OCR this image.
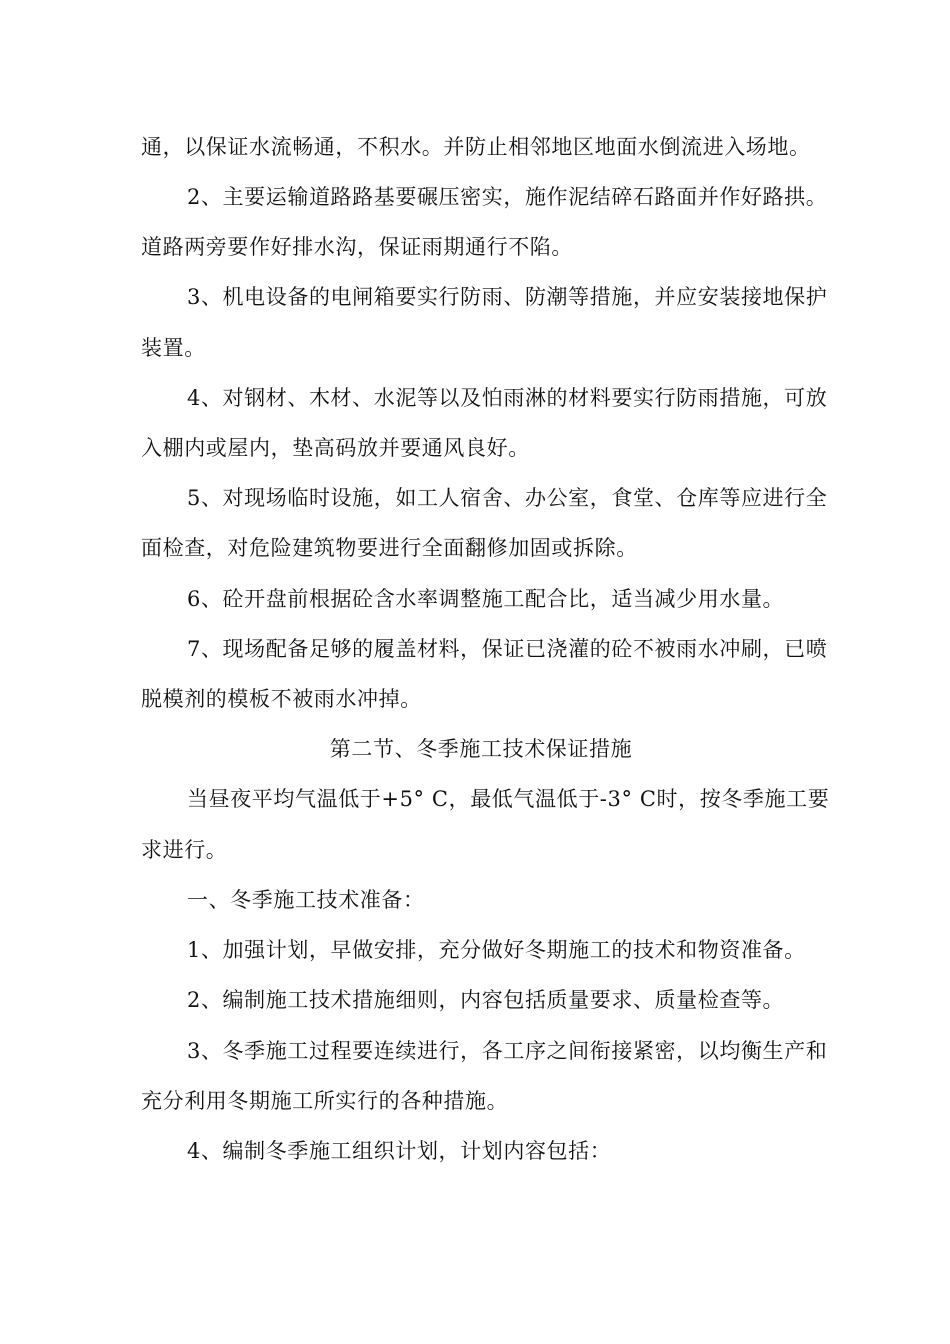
通，以保证水流畅通，不积水。并防止相邻地区地面水倒流进入场地。
2、主要运输道路路基要碾压密实，施作泥结碎石路面并作好路拱。
道路两旁要作好排水沟，保证雨期通行不陷。
3、机电设备的电闸箱要实行防雨、防潮等措施，并应安装接地保护
装置。
4、对钢材、木材、水泥等以及怕雨淋的材料要实行防雨措施，可放
入棚内或屋内，垫高码放并要通风良好。
5、对现场临时设施，如工人宿舍、办公室，食堂、仓库等应进行全
面检查，对危险建筑物要进行全面翻修加固或拆除。
6、砼开盘前根据砼含水率调整施工配合比，适当减少用水量。
7、现场配备足够的履盖材料，保证已浇灌的砼不被雨水冲刷，已喷
脱模剂的模板不被雨水冲掉。
第二节、冬季施工技术保证措施
当昼夜平均气温低于+5° C，最低气温低于-3° C时，按冬季施工要
求进行。
一、冬季施工技术准备：
1、加强计划，早做安排，充分做好冬期施工的技术和物资准备。
2、编制施工技术措施细则，内容包括质量要求、质量检查等。
3、冬季施工过程要连续进行，各工序之间衔接紧密，以均衡生产和
充分利用冬期施工所实行的各种措施。
4、编制冬季施工组织计划，计划内容包括：
